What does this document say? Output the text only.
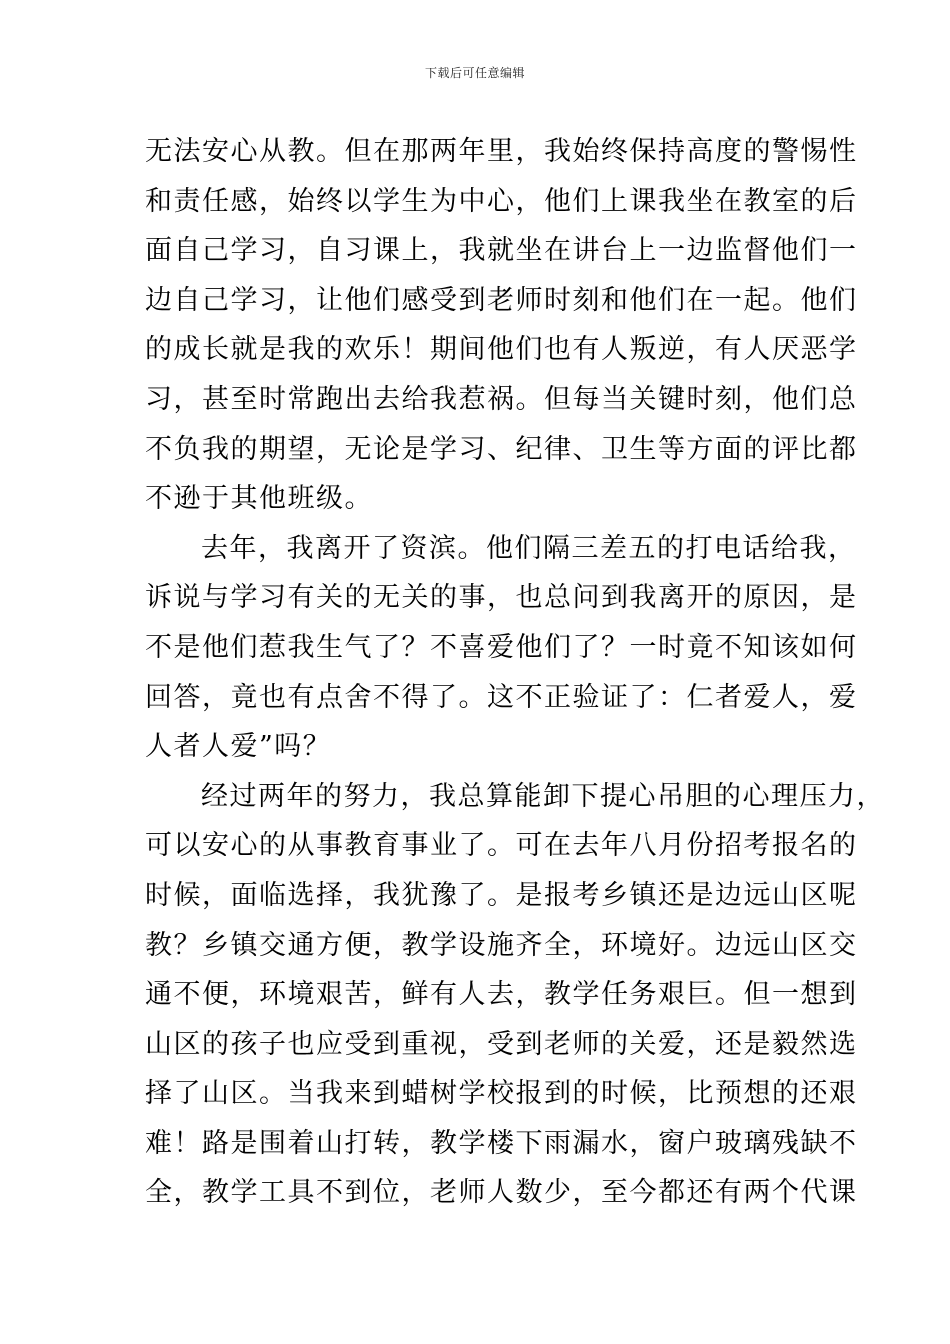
下载后可任意编辑
无法安心从教。但在那两年里，我始终保持高度的警惕性
和责任感，始终以学生为中心，他们上课我坐在教室的后
面自己学习，自习课上，我就坐在讲台上一边监督他们一
边自己学习，让他们感受到老师时刻和他们在一起。他们
的成长就是我的欢乐！期间他们也有人叛逆，有人厌恶学
习，甚至时常跑出去给我惹祸。但每当关键时刻，他们总
不负我的期望，无论是学习、纪律、卫生等方面的评比都
不逊于其他班级。
去年，我离开了资滨。他们隔三差五的打电话给我，
诉说与学习有关的无关的事，也总问到我离开的原因，是
不是他们惹我生气了？不喜爱他们了？一时竟不知该如何
回答，竟也有点舍不得了。这不正验证了：仁者爱人，爱
人者人爱”吗？
经过两年的努力，我总算能卸下提心吊胆的心理压力，
可以安心的从事教育事业了。可在去年八月份招考报名的
时候，面临选择，我犹豫了。是报考乡镇还是边远山区呢
教？乡镇交通方便，教学设施齐全，环境好。边远山区交
通不便，环境艰苦，鲜有人去，教学任务艰巨。但一想到
山区的孩子也应受到重视，受到老师的关爱，还是毅然选
择了山区。当我来到蜡树学校报到的时候，比预想的还艰
难！路是围着山打转，教学楼下雨漏水，窗户玻璃残缺不
全，教学工具不到位，老师人数少，至今都还有两个代课
